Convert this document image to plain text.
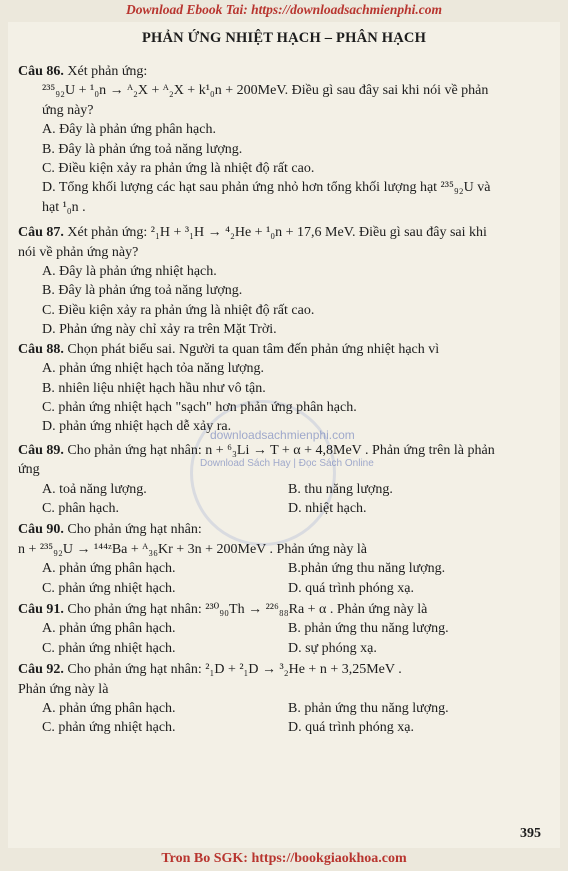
Download Ebook Tai: https://downloadsachmienphi.com
PHẢN ỨNG NHIỆT HẠCH – PHÂN HẠCH
downloadsachmienphi.com
Download Sách Hay | Đọc Sách Online

Câu 86. Xét phản ứng:

²³⁵₉₂U + ¹₀n → ᴬ₂X + ᴬ₂X + k¹₀n + 200MeV. Điều gì sau đây sai khi nói về phản ứng này?

A. Đây là phản ứng phân hạch.

B. Đây là phản ứng toả năng lượng.

C. Điều kiện xảy ra phản ứng là nhiệt độ rất cao.

D. Tổng khối lượng các hạt sau phản ứng nhỏ hơn tổng khối lượng hạt ²³⁵₉₂U và hạt ¹₀n .

Câu 87. Xét phản ứng: ²₁H + ³₁H → ⁴₂He + ¹₀n + 17,6 MeV. Điều gì sau đây sai khi nói về phản ứng này?

A. Đây là phản ứng nhiệt hạch.

B. Đây là phản ứng toả năng lượng.

C. Điều kiện xảy ra phản ứng là nhiệt độ rất cao.

D. Phản ứng này chỉ xảy ra trên Mặt Trời.

Câu 88. Chọn phát biểu sai. Người ta quan tâm đến phản ứng nhiệt hạch vì

A. phản ứng nhiệt hạch tỏa năng lượng.

B. nhiên liệu nhiệt hạch hầu như vô tận.

C. phản ứng nhiệt hạch "sạch" hơn phản ứng phân hạch.

D. phản ứng nhiệt hạch dễ xảy ra.

Câu 89. Cho phản ứng hạt nhân: n + ⁶₃Li → T + α + 4,8MeV . Phản ứng trên là phản ứng

A. toả năng lượng.	B. thu năng lượng.
C. phân hạch.	D. nhiệt hạch.

Câu 90. Cho phản ứng hạt nhân:

n + ²³⁵₉₂U → ¹⁴⁴ᶻBa + ᴬ₃₆Kr + 3n + 200MeV . Phản ứng này là

A. phản ứng phân hạch.	B.phản ứng thu năng lượng.
C. phản ứng nhiệt hạch.	D. quá trình phóng xạ.

Câu 91. Cho phản ứng hạt nhân: ²³⁰₉₀Th → ²²⁶₈₈Ra + α . Phản ứng này là

A. phản ứng phân hạch.	B. phản ứng thu năng lượng.
C. phản ứng nhiệt hạch.	D. sự phóng xạ.

Câu 92. Cho phản ứng hạt nhân: ²₁D + ²₁D → ³₂He + n + 3,25MeV .

Phản ứng này là

A. phản ứng phân hạch.	B. phản ứng thu năng lượng.
C. phản ứng nhiệt hạch.	D. quá trình phóng xạ.
395
Tron Bo SGK: https://bookgiaokhoa.com
